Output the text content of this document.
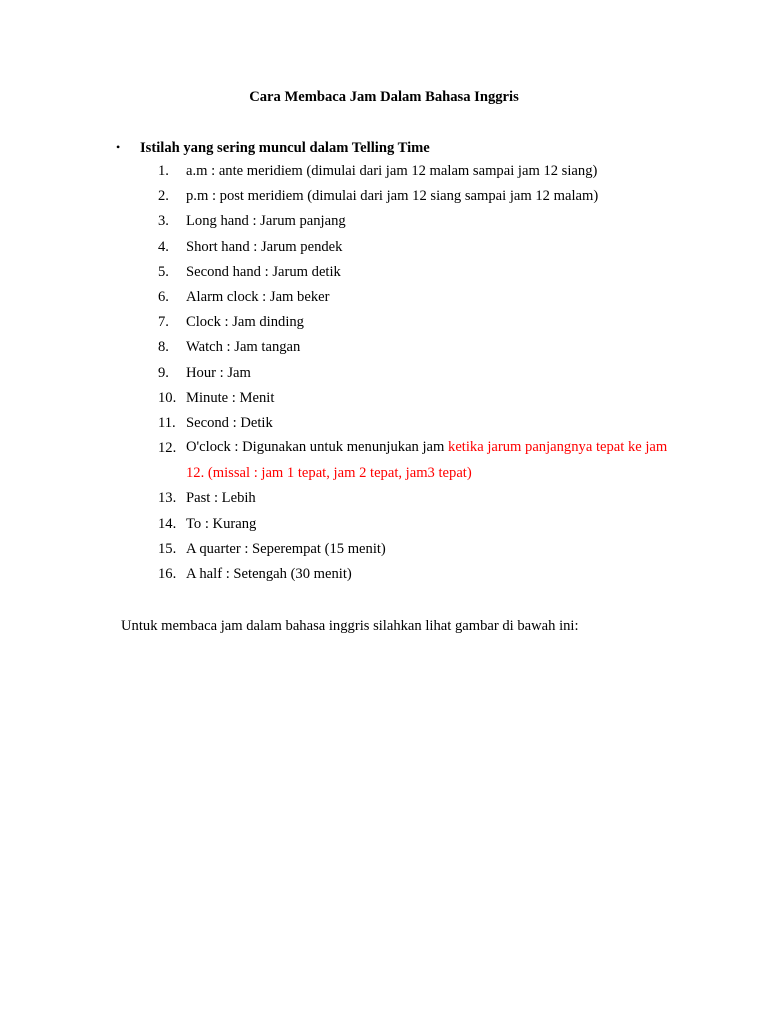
Cara Membaca Jam Dalam Bahasa Inggris
• Istilah yang sering muncul dalam Telling Time
1. a.m : ante meridiem (dimulai dari jam 12 malam sampai jam 12 siang)
2. p.m : post meridiem (dimulai dari jam 12 siang sampai jam 12 malam)
3. Long hand : Jarum panjang
4. Short hand : Jarum pendek
5. Second hand : Jarum detik
6. Alarm clock : Jam beker
7. Clock : Jam dinding
8. Watch : Jam tangan
9. Hour : Jam
10. Minute : Menit
11. Second : Detik
12. O'clock : Digunakan untuk menunjukan jam ketika jarum panjangnya tepat ke jam 12. (missal : jam 1 tepat, jam 2 tepat, jam3 tepat)
13. Past : Lebih
14. To : Kurang
15. A quarter : Seperempat (15 menit)
16. A half : Setengah (30 menit)
Untuk membaca jam dalam bahasa inggris silahkan lihat gambar di bawah ini:
